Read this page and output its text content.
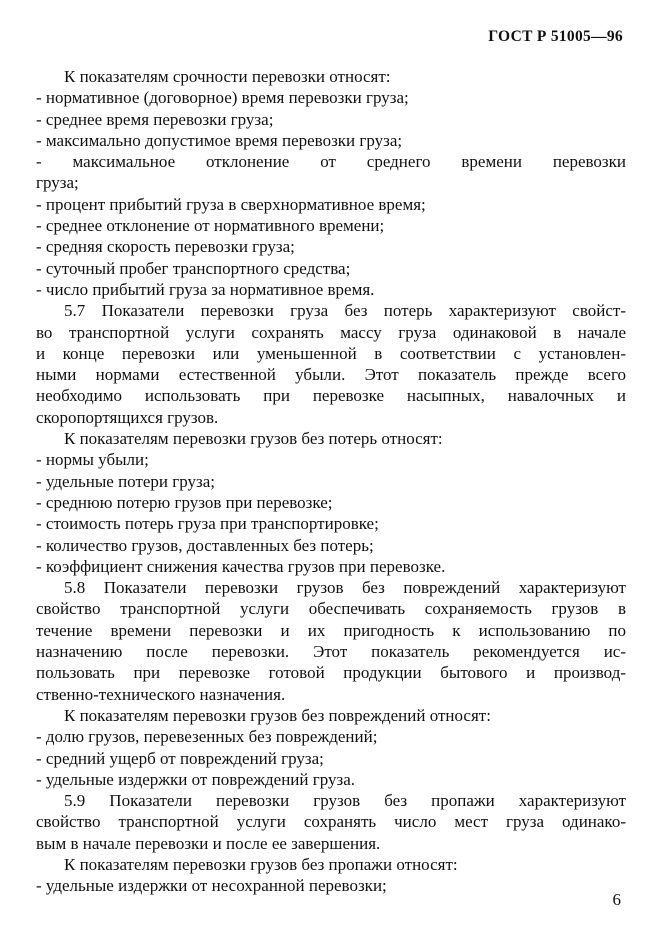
ГОСТ Р 51005—96
К показателям срочности перевозки относят:
- нормативное (договорное) время перевозки груза;
- среднее время перевозки груза;
- максимально допустимое время перевозки груза;
- максимальное отклонение от среднего времени перевозки
груза;
- процент прибытий груза в сверхнормативное время;
- среднее отклонение от нормативного времени;
- средняя скорость перевозки груза;
- суточный пробег транспортного средства;
- число прибытий груза за нормативное время.
5.7 Показатели перевозки груза без потерь характеризуют свойст-
во транспортной услуги сохранять массу груза одинаковой в начале
и конце перевозки или уменьшенной в соответствии с установлен-
ными нормами естественной убыли. Этот показатель прежде всего
необходимо использовать при перевозке насыпных, навалочных и
скоропортящихся грузов.
К показателям перевозки грузов без потерь относят:
- нормы убыли;
- удельные потери груза;
- среднюю потерю грузов при перевозке;
- стоимость потерь груза при транспортировке;
- количество грузов, доставленных без потерь;
- коэффициент снижения качества грузов при перевозке.
5.8 Показатели перевозки грузов без повреждений характеризуют
свойство транспортной услуги обеспечивать сохраняемость грузов в
течение времени перевозки и их пригодность к использованию по
назначению после перевозки. Этот показатель рекомендуется ис-
пользовать при перевозке готовой продукции бытового и производ-
ственно-технического назначения.
К показателям перевозки грузов без повреждений относят:
- долю грузов, перевезенных без повреждений;
- средний ущерб от повреждений груза;
- удельные издержки от повреждений груза.
5.9 Показатели перевозки грузов без пропажи характеризуют
свойство транспортной услуги сохранять число мест груза одинако-
вым в начале перевозки и после ее завершения.
К показателям перевозки грузов без пропажи относят:
- удельные издержки от несохранной перевозки;
6
